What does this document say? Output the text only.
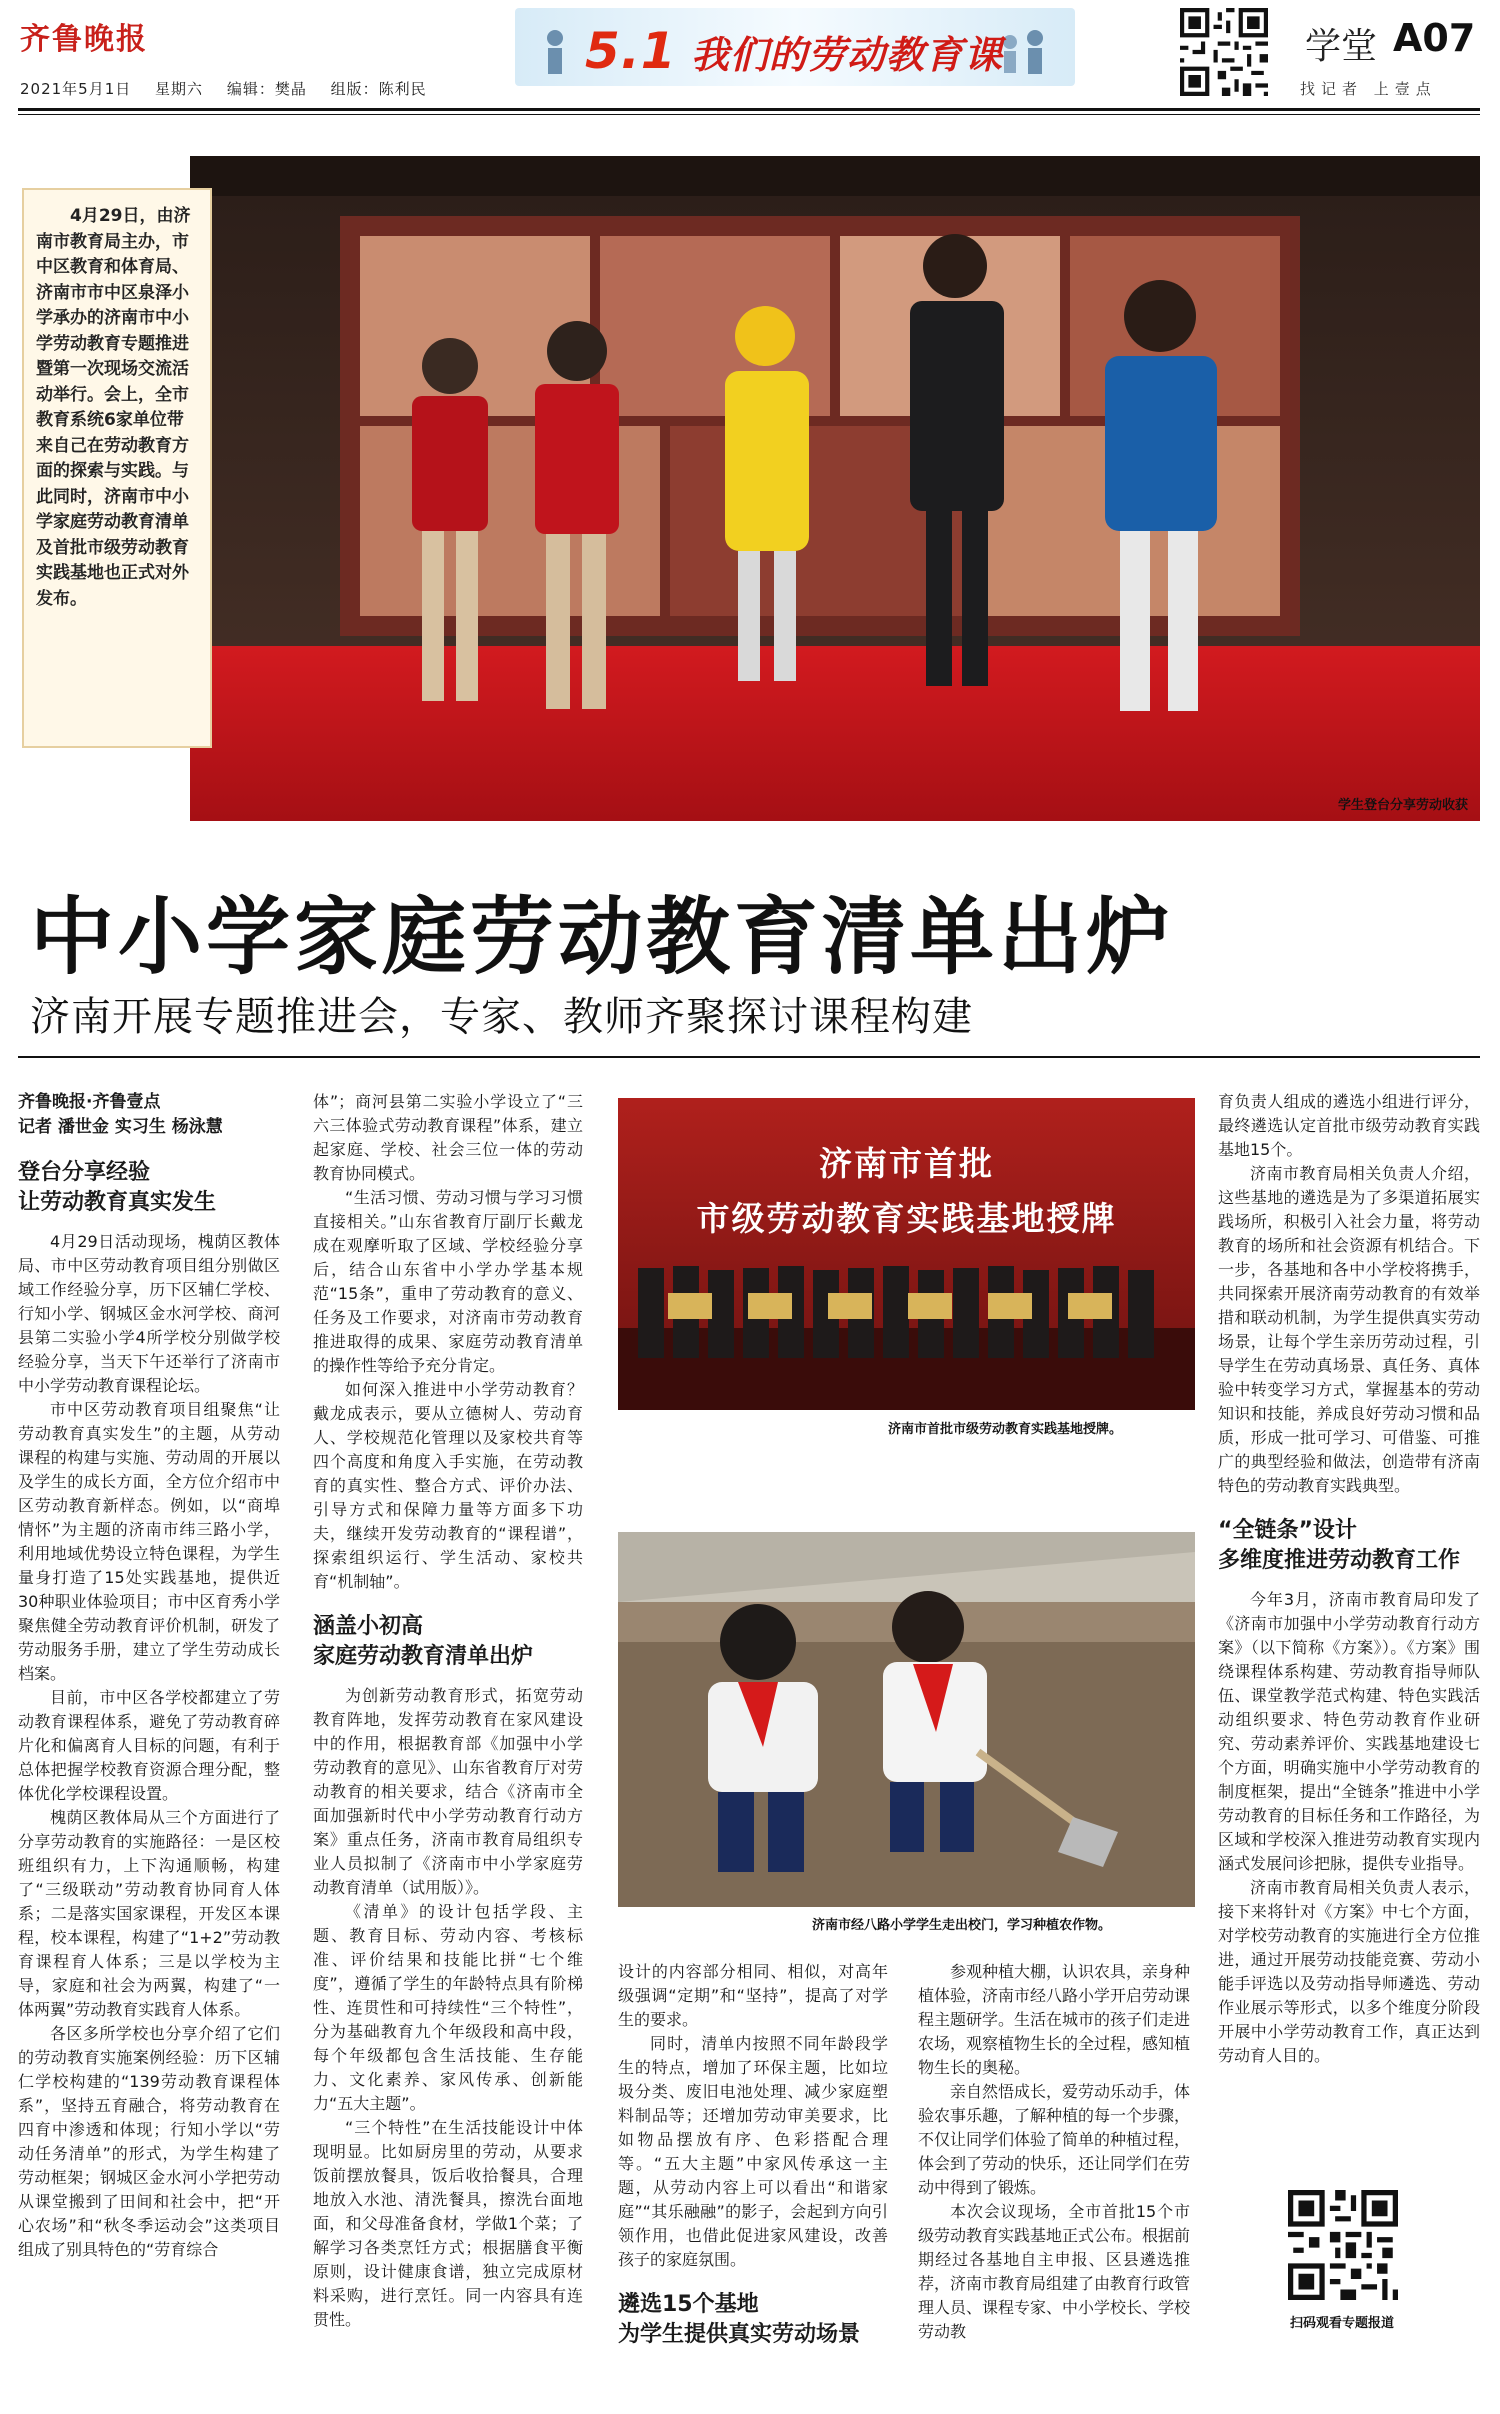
齐鲁晚报
2021年5月1日 星期六 编辑：樊晶 组版：陈利民
5.1 我们的劳动教育课	学堂 A07
找记者 上壹点
学生登台分享劳动收获
4月29日，由济南市教育局主办，市中区教育和体育局、济南市市中区泉泽小学承办的济南市中小学劳动教育专题推进暨第一次现场交流活动举行。会上，全市教育系统6家单位带来自己在劳动教育方面的探索与实践。与此同时，济南市中小学家庭劳动教育清单及首批市级劳动教育实践基地也正式对外发布。
中小学家庭劳动教育清单出炉
济南开展专题推进会，专家、教师齐聚探讨课程构建
齐鲁晚报·齐鲁壹点
记者 潘世金 实习生 杨泳慧
登台分享经验
让劳动教育真实发生

4月29日活动现场，槐荫区教体局、市中区劳动教育项目组分别做区域工作经验分享，历下区辅仁学校、行知小学、钢城区金水河学校、商河县第二实验小学4所学校分别做学校经验分享，当天下午还举行了济南市中小学劳动教育课程论坛。

市中区劳动教育项目组聚焦“让劳动教育真实发生”的主题，从劳动课程的构建与实施、劳动周的开展以及学生的成长方面，全方位介绍市中区劳动教育新样态。例如，以“商埠情怀”为主题的济南市纬三路小学，利用地域优势设立特色课程，为学生量身打造了15处实践基地，提供近30种职业体验项目；市中区育秀小学聚焦健全劳动教育评价机制，研发了劳动服务手册，建立了学生劳动成长档案。

目前，市中区各学校都建立了劳动教育课程体系，避免了劳动教育碎片化和偏离育人目标的问题，有利于总体把握学校教育资源合理分配，整体优化学校课程设置。

槐荫区教体局从三个方面进行了分享劳动教育的实施路径：一是区校班组织有力，上下沟通顺畅，构建了“三级联动”劳动教育协同育人体系；二是落实国家课程，开发区本课程，校本课程，构建了“1+2”劳动教育课程育人体系；三是以学校为主导，家庭和社会为两翼，构建了“一体两翼”劳动教育实践育人体系。

各区多所学校也分享介绍了它们的劳动教育实施案例经验：历下区辅仁学校构建的“139劳动教育课程体系”，坚持五育融合，将劳动教育在四育中渗透和体现；行知小学以“劳动任务清单”的形式，为学生构建了劳动框架；钢城区金水河小学把劳动从课堂搬到了田间和社会中，把“开心农场”和“秋冬季运动会”这类项目组成了别具特色的“劳育综合

体”；商河县第二实验小学设立了“三六三体验式劳动教育课程”体系，建立起家庭、学校、社会三位一体的劳动教育协同模式。

“生活习惯、劳动习惯与学习习惯直接相关。”山东省教育厅副厅长戴龙成在观摩听取了区域、学校经验分享后，结合山东省中小学办学基本规范“15条”，重申了劳动教育的意义、任务及工作要求，对济南市劳动教育推进取得的成果、家庭劳动教育清单的操作性等给予充分肯定。

如何深入推进中小学劳动教育？戴龙成表示，要从立德树人、劳动育人、学校规范化管理以及家校共育等四个高度和角度入手实施，在劳动教育的真实性、整合方式、评价办法、引导方式和保障力量等方面多下功夫，继续开发劳动教育的“课程谱”，探索组织运行、学生活动、家校共育“机制轴”。

涵盖小初高
家庭劳动教育清单出炉

为创新劳动教育形式，拓宽劳动教育阵地，发挥劳动教育在家风建设中的作用，根据教育部《加强中小学劳动教育的意见》、山东省教育厅对劳动教育的相关要求，结合《济南市全面加强新时代中小学劳动教育行动方案》重点任务，济南市教育局组织专业人员拟制了《济南市中小学家庭劳动教育清单（试用版）》。

《清单》的设计包括学段、主题、教育目标、劳动内容、考核标准、评价结果和技能比拼“七个维度”，遵循了学生的年龄特点具有阶梯性、连贯性和可持续性“三个特性”，分为基础教育九个年级段和高中段，每个年级都包含生活技能、生存能力、文化素养、家风传承、创新能力“五大主题”。

“三个特性”在生活技能设计中体现明显。比如厨房里的劳动，从要求饭前摆放餐具，饭后收拾餐具，合理地放入水池、清洗餐具，擦洗台面地面，和父母准备食材，学做1个菜；了解学习各类烹饪方式；根据膳食平衡原则，设计健康食谱，独立完成原材料采购，进行烹饪。同一内容具有连贯性。

济南市首批
市级劳动教育实践基地授牌
济南市首批市级劳动教育实践基地授牌。
济南市经八路小学学生走出校门，学习种植农作物。

设计的内容部分相同、相似，对高年级强调“定期”和“坚持”，提高了对学生的要求。

同时，清单内按照不同年龄段学生的特点，增加了环保主题，比如垃圾分类、废旧电池处理、减少家庭塑料制品等；还增加劳动审美要求，比如物品摆放有序、色彩搭配合理等。“五大主题”中家风传承这一主题，从劳动内容上可以看出“和谐家庭”“其乐融融”的影子，会起到方向引领作用，也借此促进家风建设，改善孩子的家庭氛围。

遴选15个基地
为学生提供真实劳动场景

参观种植大棚，认识农具，亲身种植体验，济南市经八路小学开启劳动课程主题研学。生活在城市的孩子们走进农场，观察植物生长的全过程，感知植物生长的奥秘。

亲自然悟成长，爱劳动乐动手，体验农事乐趣，了解种植的每一个步骤，不仅让同学们体验了简单的种植过程，体会到了劳动的快乐，还让同学们在劳动中得到了锻炼。

本次会议现场，全市首批15个市级劳动教育实践基地正式公布。根据前期经过各基地自主申报、区县遴选推荐，济南市教育局组建了由教育行政管理人员、课程专家、中小学校长、学校劳动教

育负责人组成的遴选小组进行评分，最终遴选认定首批市级劳动教育实践基地15个。

济南市教育局相关负责人介绍，这些基地的遴选是为了多渠道拓展实践场所，积极引入社会力量，将劳动教育的场所和社会资源有机结合。下一步，各基地和各中小学校将携手，共同探索开展济南劳动教育的有效举措和联动机制，为学生提供真实劳动场景，让每个学生亲历劳动过程，引导学生在劳动真场景、真任务、真体验中转变学习方式，掌握基本的劳动知识和技能，养成良好劳动习惯和品质，形成一批可学习、可借鉴、可推广的典型经验和做法，创造带有济南特色的劳动教育实践典型。

“全链条”设计
多维度推进劳动教育工作

今年3月，济南市教育局印发了《济南市加强中小学劳动教育行动方案》（以下简称《方案》）。《方案》围绕课程体系构建、劳动教育指导师队伍、课堂教学范式构建、特色实践活动组织要求、特色劳动教育作业研究、劳动素养评价、实践基地建设七个方面，明确实施中小学劳动教育的制度框架，提出“全链条”推进中小学劳动教育的目标任务和工作路径，为区域和学校深入推进劳动教育实现内涵式发展问诊把脉，提供专业指导。

济南市教育局相关负责人表示，接下来将针对《方案》中七个方面，对学校劳动教育的实施进行全方位推进，通过开展劳动技能竞赛、劳动小能手评选以及劳动指导师遴选、劳动作业展示等形式，以多个维度分阶段开展中小学劳动教育工作，真正达到劳动育人目的。

扫码观看专题报道
